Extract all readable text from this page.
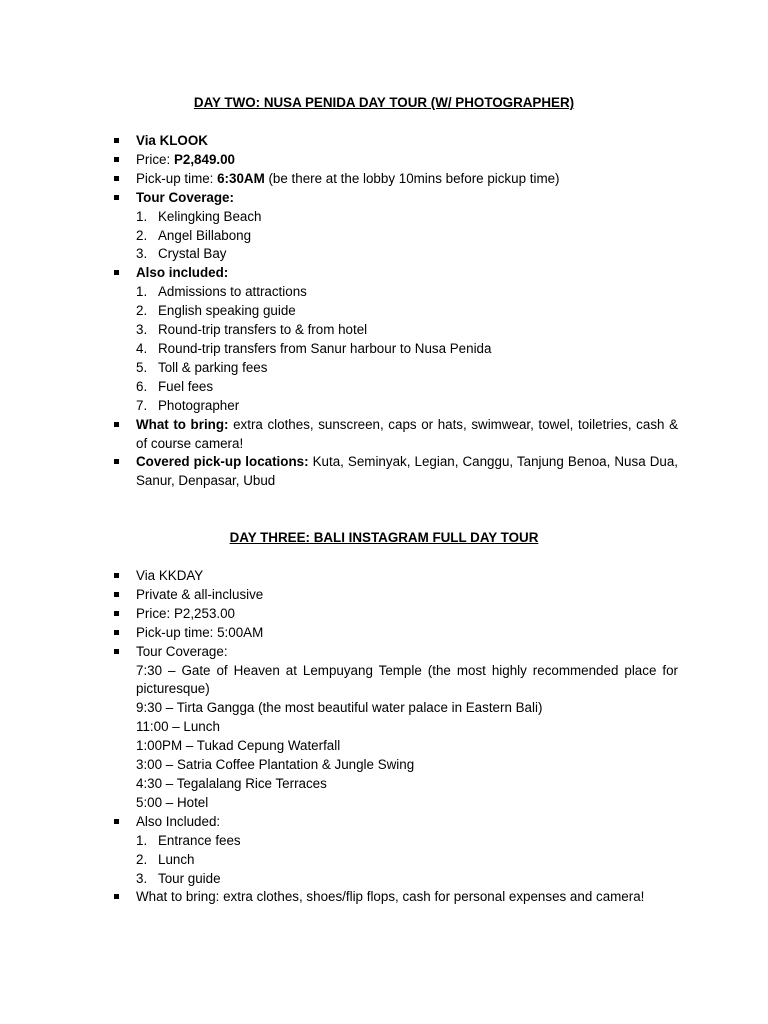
DAY TWO: NUSA PENIDA DAY TOUR (W/ PHOTOGRAPHER)
Via KLOOK
Price: P2,849.00
Pick-up time: 6:30AM (be there at the lobby 10mins before pickup time)
Tour Coverage:
1. Kelingking Beach
2. Angel Billabong
3. Crystal Bay
Also included:
1. Admissions to attractions
2. English speaking guide
3. Round-trip transfers to & from hotel
4. Round-trip transfers from Sanur harbour to Nusa Penida
5. Toll & parking fees
6. Fuel fees
7. Photographer
What to bring: extra clothes, sunscreen, caps or hats, swimwear, towel, toiletries, cash & of course camera!
Covered pick-up locations: Kuta, Seminyak, Legian, Canggu, Tanjung Benoa, Nusa Dua, Sanur, Denpasar, Ubud
DAY THREE: BALI INSTAGRAM FULL DAY TOUR
Via KKDAY
Private & all-inclusive
Price: P2,253.00
Pick-up time: 5:00AM
Tour Coverage:
7:30 – Gate of Heaven at Lempuyang Temple (the most highly recommended place for picturesque)
9:30 – Tirta Gangga (the most beautiful water palace in Eastern Bali)
11:00 – Lunch
1:00PM – Tukad Cepung Waterfall
3:00 – Satria Coffee Plantation & Jungle Swing
4:30 – Tegalalang Rice Terraces
5:00 – Hotel
Also Included:
1. Entrance fees
2. Lunch
3. Tour guide
What to bring: extra clothes, shoes/flip flops, cash for personal expenses and camera!
